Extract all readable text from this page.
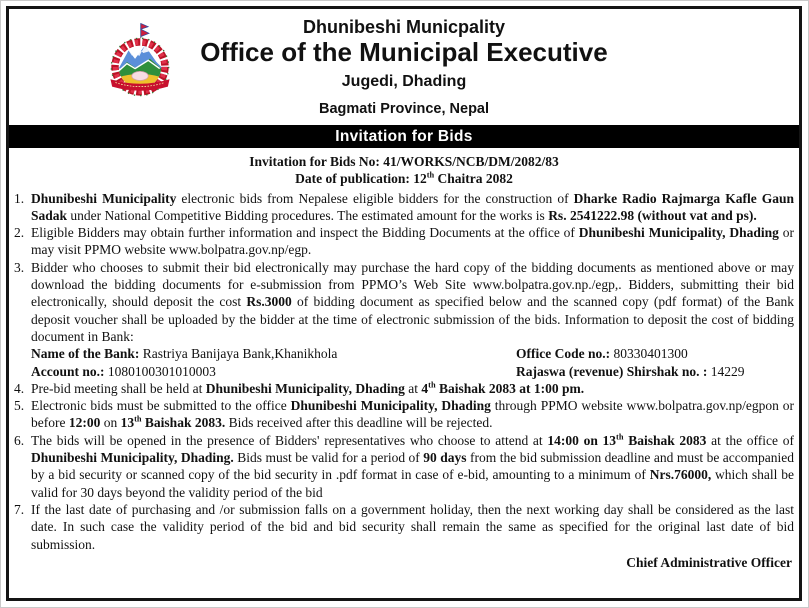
Dhunibeshi Municpality
Office of the Municipal Executive
Jugedi, Dhading
Bagmati Province, Nepal
Invitation for Bids
Invitation for Bids No: 41/WORKS/NCB/DM/2082/83
Date of publication: 12th Chaitra 2082
1. Dhunibeshi Municipality electronic bids from Nepalese eligible bidders for the construction of Dharke Radio Rajmarga Kafle Gaun Sadak under National Competitive Bidding procedures. The estimated amount for the works is Rs. 2541222.98 (without vat and ps).
2. Eligible Bidders may obtain further information and inspect the Bidding Documents at the office of Dhunibeshi Municipality, Dhading or may visit PPMO website www.bolpatra.gov.np/egp.
3. Bidder who chooses to submit their bid electronically may purchase the hard copy of the bidding documents as mentioned above or may download the bidding documents for e-submission from PPMO’s Web Site www.bolpatra.gov.np./egp,. Bidders, submitting their bid electronically, should deposit the cost Rs.3000 of bidding document as specified below and the scanned copy (pdf format) of the Bank deposit voucher shall be uploaded by the bidder at the time of electronic submission of the bids. Information to deposit the cost of bidding document in Bank:
Name of the Bank: Rastriya Banijaya Bank,Khanikhola	Office Code no.: 80330401300
Account no.: 1080100301010003	Rajaswa (revenue) Shirshak no. : 14229
4. Pre-bid meeting shall be held at Dhunibeshi Municipality, Dhading at 4th Baishak 2083 at 1:00 pm.
5. Electronic bids must be submitted to the office Dhunibeshi Municipality, Dhading through PPMO website www.bolpatra.gov.np/egpon or before 12:00 on 13th Baishak 2083. Bids received after this deadline will be rejected.
6. The bids will be opened in the presence of Bidders' representatives who choose to attend at 14:00 on 13th Baishak 2083 at the office of Dhunibeshi Municipality, Dhading. Bids must be valid for a period of 90 days from the bid submission deadline and must be accompanied by a bid security or scanned copy of the bid security in .pdf format in case of e-bid, amounting to a minimum of Nrs.76000, which shall be valid for 30 days beyond the validity period of the bid
7. If the last date of purchasing and /or submission falls on a government holiday, then the next working day shall be considered as the last date. In such case the validity period of the bid and bid security shall remain the same as specified for the original last date of bid submission.
Chief Administrative Officer
